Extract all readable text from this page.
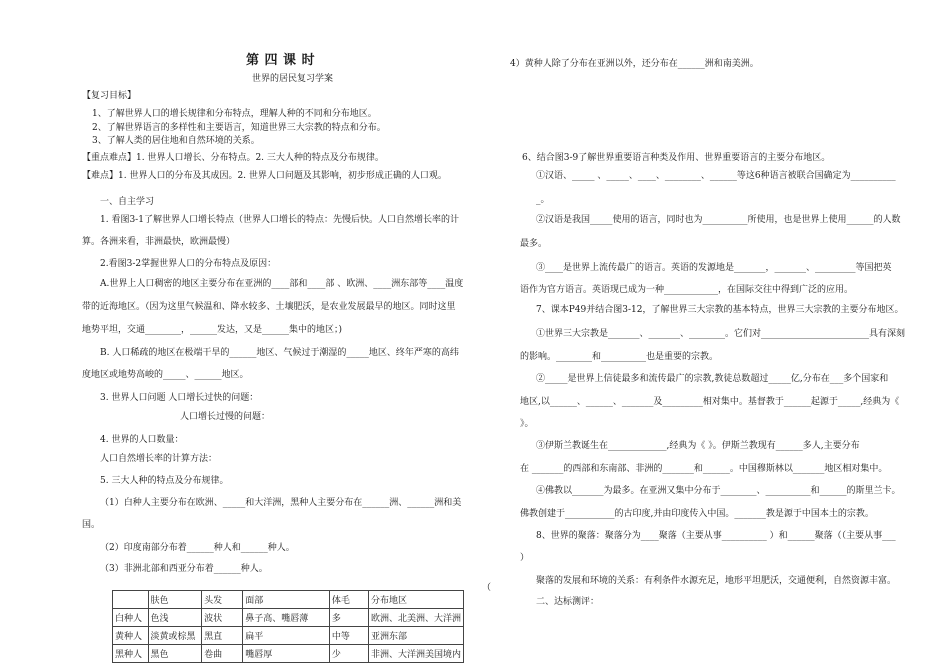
第 四 课 时
世界的居民复习学案
【复习目标】
1、了解世界人口的增长规律和分布特点，理解人种的不同和分布地区。
2、了解世界语言的多样性和主要语言，知道世界三大宗教的特点和分布。
3、了解人类的居住地和自然环境的关系。
【重点难点】1. 世界人口增长、分布特点。2. 三大人种的特点及分布规律。
【难点】1. 世界人口的分布及其成因。2. 世界人口问题及其影响，初步形成正确的人口观。
一、自主学习
1. 看图3-1了解世界人口增长特点（世界人口增长的特点：先慢后快。人口自然增长率的计
算。各洲来看，非洲最快，欧洲最慢）
2.看图3-2掌握世界人口的分布特点及原因：
A.世界上人口稠密的地区主要分布在亚洲的____部和____部 、欧洲、____洲东部等____温度
带的近海地区。（因为这里气候温和、降水较多、土壤肥沃，是农业发展最早的地区。同时这里
地势平坦，交通________，______发达，又是______集中的地区；)
B. 人口稀疏的地区在极端干旱的______地区、气候过于潮湿的_____地区、终年严寒的高纬
度地区或地势高峻的_____、______地区。
3. 世界人口问题 人口增长过快的问题：
人口增长过慢的问题：
4. 世界的人口数量：
人口自然增长率的计算方法：
5. 三大人种的特点及分布规律。
（1）白种人主要分布在欧洲、_____和大洋洲，黑种人主要分布在______洲、______洲和美
国。
（2）印度南部分布着______种人和______种人。
（3）非洲北部和西亚分布着______种人。
4）黄种人除了分布在亚洲以外，还分布在______洲和南美洲。
6、结合图3-9了解世界重要语言种类及作用、世界重要语言的主要分布地区。
①汉语、_____ 、_____、____、________、______等这6种语言被联合国确定为__________
_。
②汉语是我国_____使用的语言，同时也为__________所使用，也是世界上使用______的人数
最多。
③____是世界上流传最广的语言。英语的发源地是_______，_______、_________等国把英
语作为官方语言。英语现已成为一种____________，在国际交往中得到广泛的应用。
7、课本P49并结合图3-12，了解世界三大宗教的基本特点，世界三大宗教的主要分布地区。
①世界三大宗教是_______、_______、________。它们对________________________具有深刻
的影响。________和__________也是重要的宗教。
②_____是世界上信徒最多和流传最广的宗教,教徒总数超过_____亿,分布在___多个国家和
地区,以______、______、_______及_________相对集中。基督教于______起源于_____,经典为《
》。
③伊斯兰教诞生在_____________,经典为《 》。伊斯兰教现有______多人,主要分布
在 _______的西部和东南部、非洲的_______和______。中国穆斯林以_______地区相对集中。
④佛教以_______为最多。在亚洲又集中分布于________、__________和______的斯里兰卡。
佛教创建于___________的古印度,并由印度传入中国。_______教是源于中国本土的宗教。
8、世界的聚落：聚落分为____聚落（主要从事__________ ）和______聚落（（主要从事___
）
聚落的发展和环境的关系：有利条件水源充足，地形平坦肥沃，交通便利，自然资源丰富。
二、达标测评：
（
	肤色	头发	面部	体毛	分布地区
白种人	色浅	波状	鼻子高、嘴唇薄	多	欧洲、北美洲、大洋洲
黄种人	淡黄或棕黑	黑直	扁平	中等	亚洲东部
黑种人	黑色	卷曲	嘴唇厚	少	非洲、大洋洲美国境内
